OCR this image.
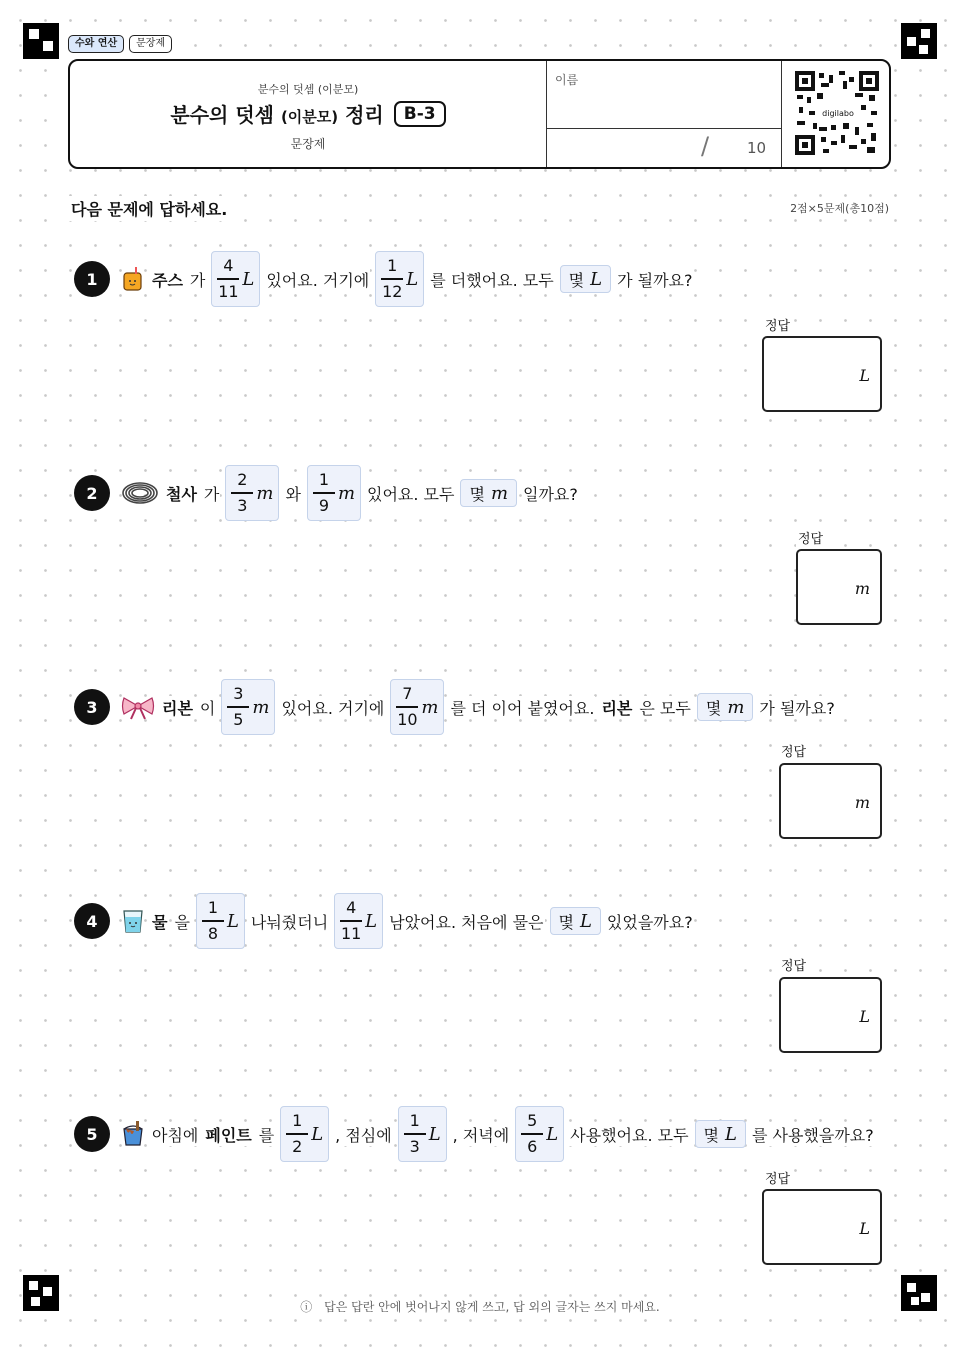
수와 연산	문장제
분수의 덧셈 (이분모)
분수의 덧셈 (이분모) 정리	B-3
문장제
이름
/	10
digilabo
다음 문제에 답하세요.	2점×5문제(총10점)
1	주스 가 $\frac{4}{11}$ L 있어요. 거기에 $\frac{1}{12}$ L 를 더했어요. 모두 몇 L 가 될까요?
정답
L
2	철사 가 $\frac{2}{3}$ m 와 $\frac{1}{9}$ m 있어요. 모두 몇 m 일까요?
정답
m
3	리본 이 $\frac{3}{5}$ m 있어요. 거기에 $\frac{7}{10}$ m 를 더 이어 붙였어요. 리본 은 모두 몇 m 가 될까요?
정답
m
4	물 을 $\frac{1}{8}$ L 나눠줬더니 $\frac{4}{11}$ L 남았어요. 처음에 물은 몇 L 있었을까요?
정답
L
5	아침에 페인트 를 $\frac{1}{2}$ L , 점심에 $\frac{1}{3}$ L , 저녁에 $\frac{5}{6}$ L 사용했어요. 모두 몇 L 를 사용했을까요?
정답
L
ⓘ 답은 답란 안에 벗어나지 않게 쓰고, 답 외의 글자는 쓰지 마세요.
